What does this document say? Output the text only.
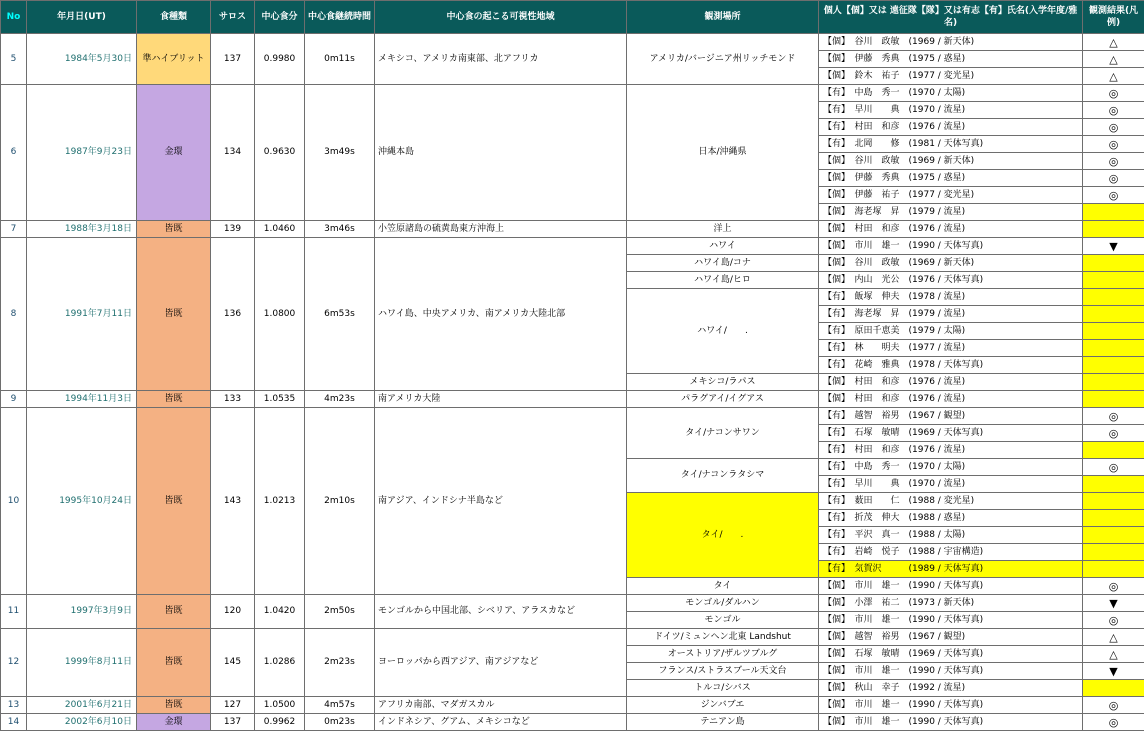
No	年月日(UT)	食種類	サロス	中心食分	中心食継続時間	中心食の起こる可視性地域	観測場所	個人【個】又は 遠征隊【隊】又は有志【有】氏名(入学年度/雅名)	観測結果(凡例)
5	1984年5月30日	準ハイブリット	137	0.9980	0m11s	メキシコ、アメリカ南東部、北アフリカ	アメリカ/バージニア州リッチモンド	【個】　谷川　政敏　(1969 / 新天体)	△
								【個】　伊藤　秀典　(1975 / 惑星)	△
								【個】　鈴木　祐子　(1977 / 変光星)	△
6	1987年9月23日	金環	134	0.9630	3m49s	沖縄本島	日本/沖縄県	【有】　中島　秀一　(1970 / 太陽)	◎
								【有】　早川　　典　(1970 / 流星)	◎
								【有】　村田　和彦　(1976 / 流星)	◎
								【有】　北岡　　修　(1981 / 天体写真)	◎
								【個】　谷川　政敏　(1969 / 新天体)	◎
								【個】　伊藤　秀典　(1975 / 惑星)	◎
								【個】　伊藤　祐子　(1977 / 変光星)	◎
								【個】　海老塚　昇　(1979 / 流星)	
7	1988年3月18日	皆既	139	1.0460	3m46s	小笠原諸島の硫黄島東方沖海上	洋上	【個】　村田　和彦　(1976 / 流星)	
8	1991年7月11日	皆既	136	1.0800	6m53s	ハワイ島、中央アメリカ、南アメリカ大陸北部	ハワイ	【個】　市川　雄一　(1990 / 天体写真)	▼
							ハワイ島/コナ	【個】　谷川　政敏　(1969 / 新天体)	
							ハワイ島/ヒロ	【個】　内山　光公　(1976 / 天体写真)	
							ハワイ/　　.	【有】　飯塚　伸夫　(1978 / 流星)	
								【有】　海老塚　昇　(1979 / 流星)	
								【有】　原田千恵美　(1979 / 太陽)	
								【有】　林　　明夫　(1977 / 流星)	
								【有】　花崎　雅典　(1978 / 天体写真)	
							メキシコ/ラパス	【個】　村田　和彦　(1976 / 流星)	
9	1994年11月3日	皆既	133	1.0535	4m23s	南アメリカ大陸	パラグアイ/イグアス	【個】　村田　和彦　(1976 / 流星)	
10	1995年10月24日	皆既	143	1.0213	2m10s	南アジア、インドシナ半島など	タイ/ナコンサワン	【有】　越智　裕男　(1967 / 観望)	◎
								【有】　石塚　敏晴　(1969 / 天体写真)	◎
								【有】　村田　和彦　(1976 / 流星)	
							タイ/ナコンラタシマ	【有】　中島　秀一　(1970 / 太陽)	◎
								【有】　早川　　典　(1970 / 流星)	
							タイ/　　.	【有】　薮田　　仁　(1988 / 変光星)	
								【有】　折茂　伸大　(1988 / 惑星)	
								【有】　平沢　真一　(1988 / 太陽)	
								【有】　岩崎　悦子　(1988 / 宇宙構造)	
								【有】　気賀沢　　　(1989 / 天体写真)	
							タイ	【個】　市川　雄一　(1990 / 天体写真)	◎
11	1997年3月9日	皆既	120	1.0420	2m50s	モンゴルから中国北部、シベリア、アラスカなど	モンゴル/ダルハン	【個】　小澤　祐二　(1973 / 新天体)	▼
							モンゴル	【個】　市川　雄一　(1990 / 天体写真)	◎
12	1999年8月11日	皆既	145	1.0286	2m23s	ヨーロッパから西アジア、南アジアなど	ドイツ/ミュンヘン北東 Landshut	【個】　越智　裕男　(1967 / 観望)	△
							オーストリア/ザルツブルグ	【個】　石塚　敏晴　(1969 / 天体写真)	△
							フランス/ストラスブール天文台	【個】　市川　雄一　(1990 / 天体写真)	▼
							トルコ/シバス	【個】　秋山　幸子　(1992 / 流星)	
13	2001年6月21日	皆既	127	1.0500	4m57s	アフリカ南部、マダガスカル	ジンバブエ	【個】　市川　雄一　(1990 / 天体写真)	◎
14	2002年6月10日	金環	137	0.9962	0m23s	インドネシア、グアム、メキシコなど	テニアン島	【個】　市川　雄一　(1990 / 天体写真)	◎
